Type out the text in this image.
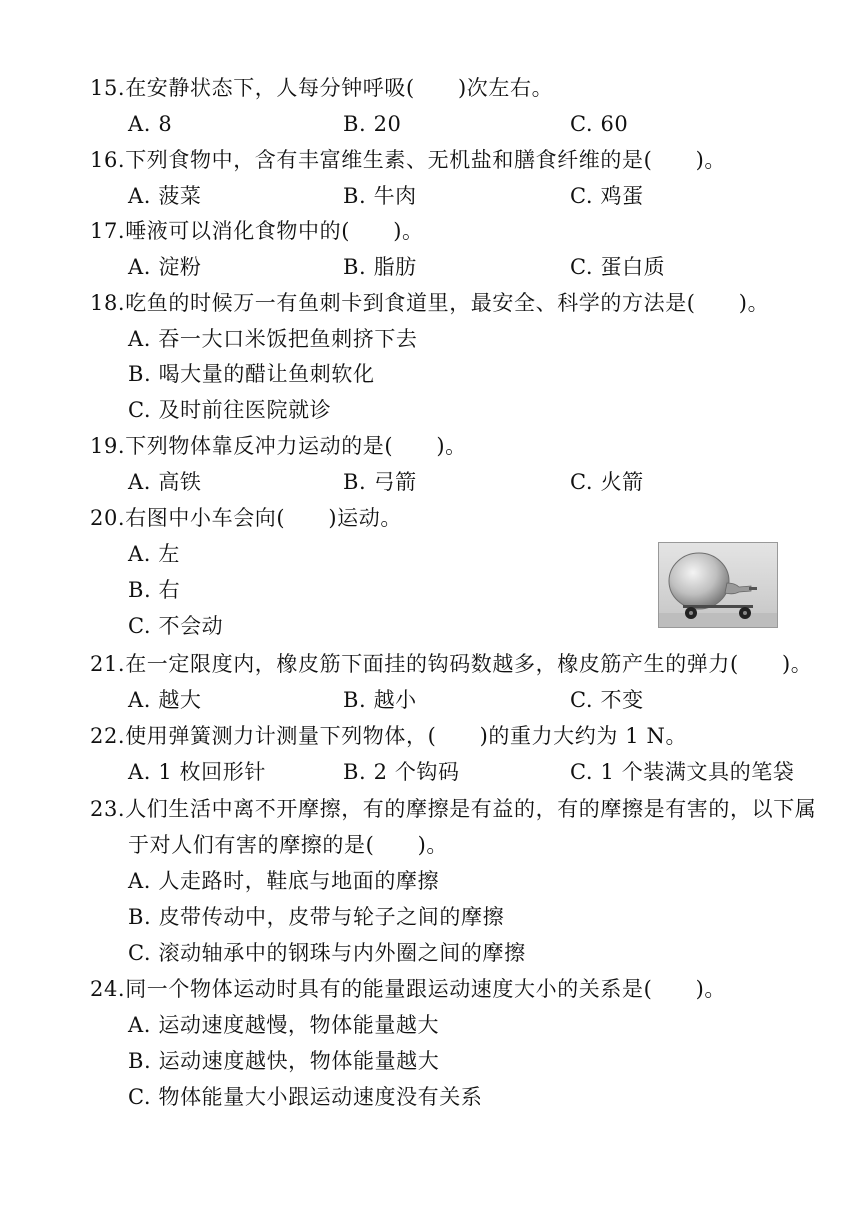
15.在安静状态下，人每分钟呼吸(　　)次左右。
A. 8	B. 20	C. 60
16.下列食物中，含有丰富维生素、无机盐和膳食纤维的是(　　)。
A. 菠菜	B. 牛肉	C. 鸡蛋
17.唾液可以消化食物中的(　　)。
A. 淀粉	B. 脂肪	C. 蛋白质
18.吃鱼的时候万一有鱼刺卡到食道里，最安全、科学的方法是(　　)。
A. 吞一大口米饭把鱼刺挤下去
B. 喝大量的醋让鱼刺软化
C. 及时前往医院就诊
19.下列物体靠反冲力运动的是(　　)。
A. 高铁	B. 弓箭	C. 火箭
20.右图中小车会向(　　)运动。
A. 左
B. 右
C. 不会动
21.在一定限度内，橡皮筋下面挂的钩码数越多，橡皮筋产生的弹力(　　)。
A. 越大	B. 越小	C. 不变
22.使用弹簧测力计测量下列物体，(　　)的重力大约为 1 N。
A. 1 枚回形针	B. 2 个钩码	C. 1 个装满文具的笔袋
23.人们生活中离不开摩擦，有的摩擦是有益的，有的摩擦是有害的，以下属
于对人们有害的摩擦的是(　　)。
A. 人走路时，鞋底与地面的摩擦
B. 皮带传动中，皮带与轮子之间的摩擦
C. 滚动轴承中的钢珠与内外圈之间的摩擦
24.同一个物体运动时具有的能量跟运动速度大小的关系是(　　)。
A. 运动速度越慢，物体能量越大
B. 运动速度越快，物体能量越大
C. 物体能量大小跟运动速度没有关系
